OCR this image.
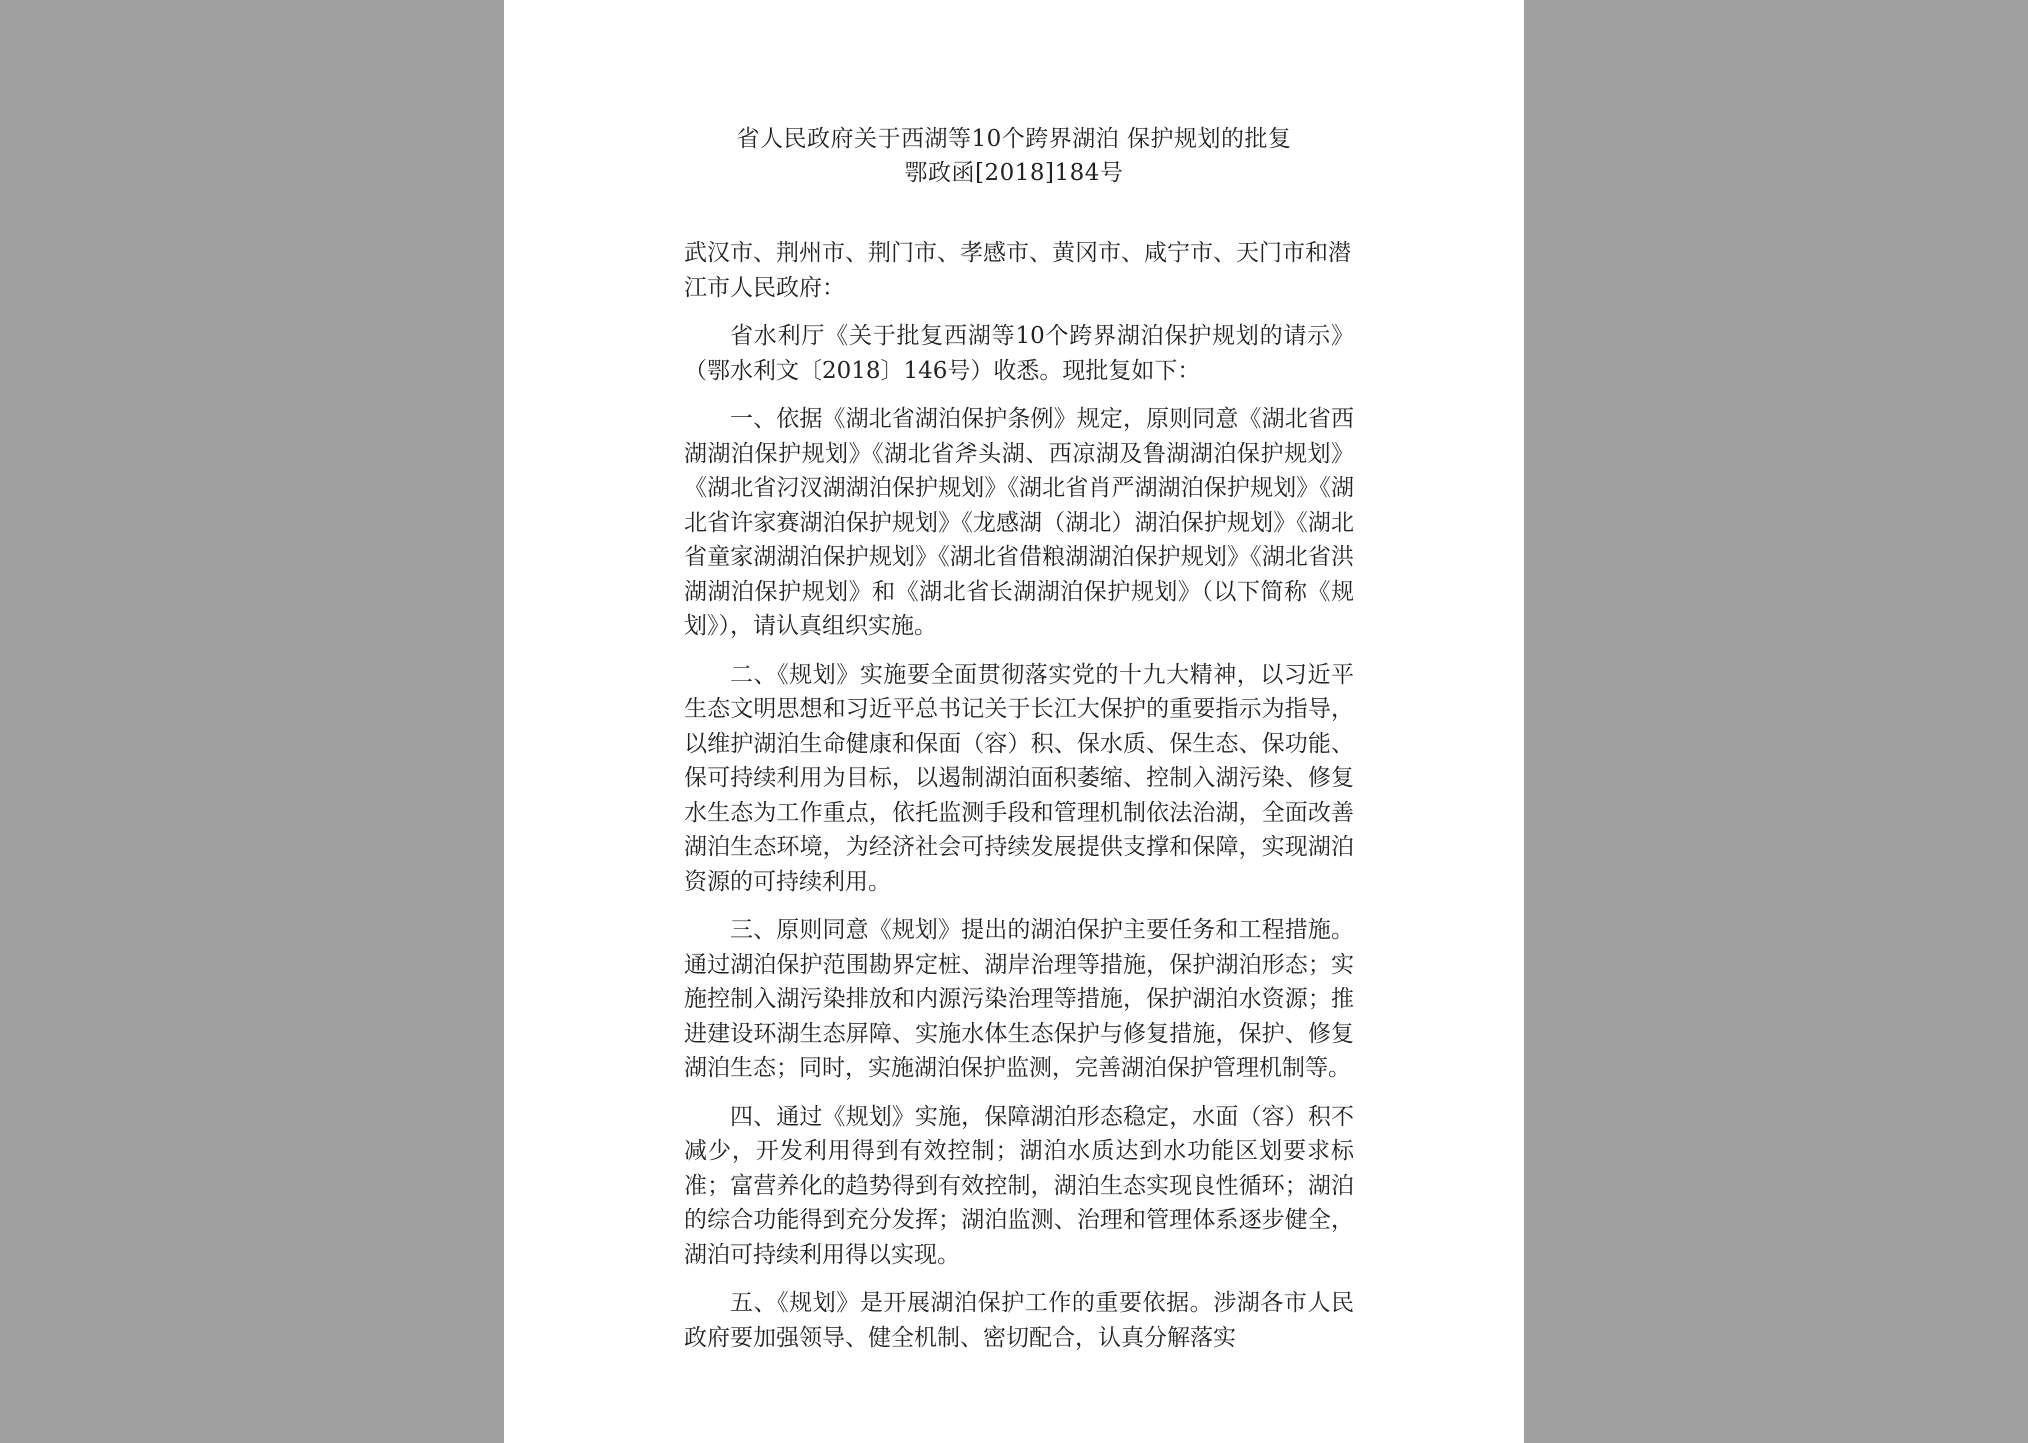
省人民政府关于西湖等10个跨界湖泊 保护规划的批复
鄂政函[2018]184号

武汉市、荆州市、荆门市、孝感市、黄冈市、咸宁市、天门市和潜江市人民政府：

省水利厅《关于批复西湖等10个跨界湖泊保护规划的请示》（鄂水利文〔2018〕146号）收悉。现批复如下：

一、依据《湖北省湖泊保护条例》规定，原则同意《湖北省西湖湖泊保护规划》《湖北省斧头湖、西凉湖及鲁湖湖泊保护规划》《湖北省汈汊湖湖泊保护规划》《湖北省肖严湖湖泊保护规划》《湖北省许家赛湖泊保护规划》《龙感湖（湖北）湖泊保护规划》《湖北省童家湖湖泊保护规划》《湖北省借粮湖湖泊保护规划》《湖北省洪湖湖泊保护规划》和《湖北省长湖湖泊保护规划》（以下简称《规划》），请认真组织实施。

二、《规划》实施要全面贯彻落实党的十九大精神，以习近平生态文明思想和习近平总书记关于长江大保护的重要指示为指导，以维护湖泊生命健康和保面（容）积、保水质、保生态、保功能、保可持续利用为目标，以遏制湖泊面积萎缩、控制入湖污染、修复水生态为工作重点，依托监测手段和管理机制依法治湖，全面改善湖泊生态环境，为经济社会可持续发展提供支撑和保障，实现湖泊资源的可持续利用。

三、原则同意《规划》提出的湖泊保护主要任务和工程措施。通过湖泊保护范围勘界定桩、湖岸治理等措施，保护湖泊形态；实施控制入湖污染排放和内源污染治理等措施，保护湖泊水资源；推进建设环湖生态屏障、实施水体生态保护与修复措施，保护、修复湖泊生态；同时，实施湖泊保护监测，完善湖泊保护管理机制等。

四、通过《规划》实施，保障湖泊形态稳定，水面（容）积不减少，开发利用得到有效控制；湖泊水质达到水功能区划要求标准；富营养化的趋势得到有效控制，湖泊生态实现良性循环；湖泊的综合功能得到充分发挥；湖泊监测、治理和管理体系逐步健全，湖泊可持续利用得以实现。

五、《规划》是开展湖泊保护工作的重要依据。涉湖各市人民政府要加强领导、健全机制、密切配合，认真分解落实
